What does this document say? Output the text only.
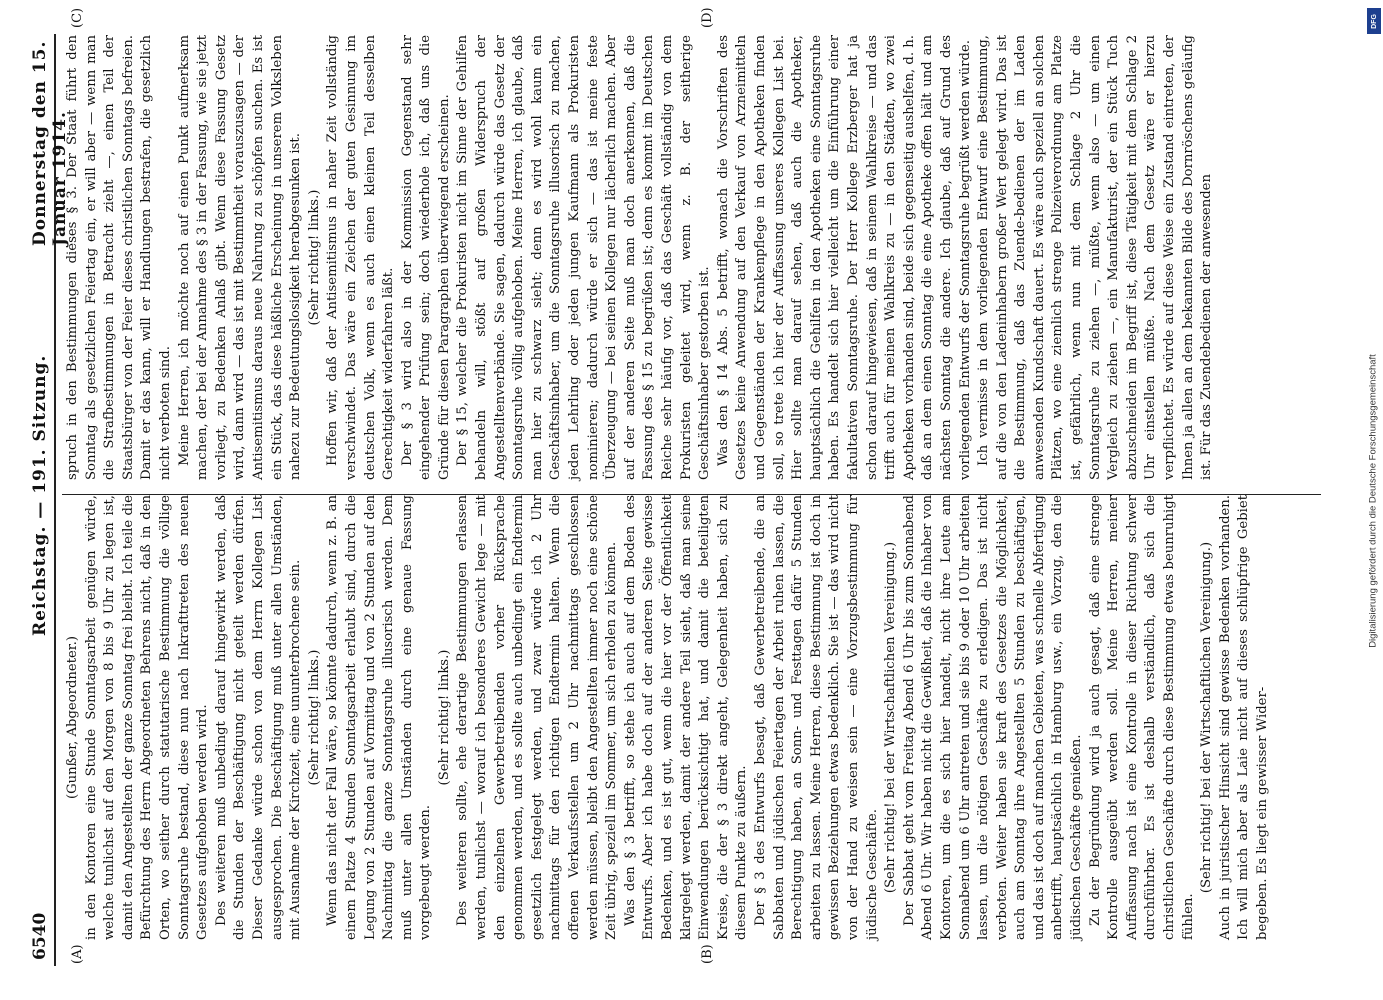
Digitalisierung gefördert durch die Deutsche Forschungsgemeinschaft
DFG
6540
Reichstag. — 191. Sitzung.
Donnerstag den 15. Januar 1914.
(A)	(B)
(C)	(D)

(Gunßer, Abgeordneter.) in den Kontoren eine Stunde Sonntagsarbeit genügen würde, welche tunlichst auf den Morgen von 8 bis 9 Uhr zu legen ist, damit den Angestellten der ganze Sonntag frei bleibt. Ich teile die Befürchtung des Herrn Abgeordneten Behrens nicht, daß in den Orten, wo seither durch statutarische Bestimmung die völlige Sonntagsruhe bestand, diese nun nach Inkrafttreten des neuen Gesetzes aufgehoben werden wird. Des weiteren muß unbedingt darauf hingewirkt werden, daß die Stunden der Beschäftigung nicht geteilt werden dürfen. Dieser Gedanke würde schon von dem Herrn Kollegen List ausgesprochen. Die Beschäftigung muß unter allen Umständen, mit Ausnahme der Kirchzeit, eine ununterbrochene sein. (Sehr richtig! links.) Wenn das nicht der Fall wäre, so könnte dadurch, wenn z. B. an einem Platze 4 Stunden Sonntagsarbeit erlaubt sind, durch die Legung von 2 Stunden auf Vormittag und von 2 Stunden auf den Nachmittag die ganze Sonntagsruhe illusorisch werden. Dem muß unter allen Umständen durch eine genaue Fassung vorgebeugt werden.

(Sehr richtig! links.) Des weiteren sollte, ehe derartige Bestimmungen erlassen werden, tunlichst — worauf ich besonderes Gewicht lege — mit den einzelnen Gewerbetreibenden vorher Rücksprache genommen werden, und es sollte auch unbedingt ein Endtermin gesetzlich festgelegt werden, und zwar würde ich 2 Uhr nachmittags für den richtigen Endtermin halten. Wenn die offenen Verkaufsstellen um 2 Uhr nachmittags geschlossen werden müssen, bleibt den Angestellten immer noch eine schöne Zeit übrig, speziell im Sommer, um sich erholen zu können. Was den § 3 betrifft, so stehe ich auch auf dem Boden des Entwurfs. Aber ich habe doch auf der anderen Seite gewisse Bedenken, und es ist gut, wenn die hier vor der Öffentlichkeit klargelegt werden, damit der andere Teil sieht, daß man seine Einwendungen berücksichtigt hat, und damit die beteiligten Kreise, die der § 3 direkt angeht, Gelegenheit haben, sich zu diesem Punkte zu äußern. Der § 3 des Entwurfs besagt, daß Gewerbetreibende, die an Sabbaten und jüdischen Feiertagen der Arbeit ruhen lassen, die Berechtigung haben, an Sonn- und Festtagen dafür 5 Stunden arbeiten zu lassen. Meine Herren, diese Bestimmung ist doch in gewissen Beziehungen etwas bedenklich. Sie ist — das wird nicht von der Hand zu weisen sein — eine Vorzugsbestimmung für jüdische Geschäfte. (Sehr richtig! bei der Wirtschaftlichen Vereinigung.) Der Sabbat geht vom Freitag Abend 6 Uhr bis zum Sonnabend Abend 6 Uhr. Wir haben nicht die Gewißheit, daß die Inhaber von Kontoren, um die es sich hier handelt, nicht ihre Leute am Sonnabend um 6 Uhr antreten und sie bis 9 oder 10 Uhr arbeiten lassen, um die nötigen Geschäfte zu erledigen. Das ist nicht verboten. Weiter haben sie kraft des Gesetzes die Möglichkeit, auch am Sonntag ihre Angestellten 5 Stunden zu beschäftigen, und das ist doch auf manchen Gebieten, was schnelle Abfertigung anbetrifft, hauptsächlich in Hamburg usw., ein Vorzug, den die jüdischen Geschäfte genießen. Zu der Begründung wird ja auch gesagt, daß eine strenge Kontrolle ausgeübt werden soll. Meine Herren, meiner Auffassung nach ist eine Kontrolle in dieser Richtung schwer durchführbar. Es ist deshalb verständlich, daß sich die christlichen Geschäfte durch diese Bestimmung etwas beunruhigt fühlen.

(Sehr richtig! bei der Wirtschaftlichen Vereinigung.) Auch in juristischer Hinsicht sind gewisse Bedenken vorhanden. Ich will mich aber als Laie nicht auf dieses schlüpfrige Gebiet begeben. Es liegt ein gewisser Wider-

spruch in den Bestimmungen dieses § 3. Der Staat führt den Sonntag als gesetzlichen Feiertag ein, er will aber — wenn man die Strafbestimmungen in Betracht zieht —, einen Teil der Staatsbürger von der Feier dieses christlichen Sonntags befreien. Damit er das kann, will er Handlungen bestrafen, die gesetzlich nicht verboten sind. Meine Herren, ich möchte noch auf einen Punkt aufmerksam machen, der bei der Annahme des § 3 in der Fassung, wie sie jetzt vorliegt, zu Bedenken Anlaß gibt. Wenn diese Fassung Gesetz wird, dann wird — das ist mit Bestimmtheit vorauszusagen — der Antisemitismus daraus neue Nahrung zu schöpfen suchen. Es ist ein Stück, das diese häßliche Erscheinung in unserem Volksleben nahezu zur Bedeutungslosigkeit herabgesunken ist. (Sehr richtig! links.) Hoffen wir, daß der Antisemitismus in naher Zeit vollständig verschwindet. Das wäre ein Zeichen der guten Gesinnung im deutschen Volk, wenn es auch einen kleinen Teil desselben Gerechtigkeit widerfahren läßt. Der § 3 wird also in der Kommission Gegenstand sehr eingehender Prüfung sein; doch wiederhole ich, daß uns die Gründe für diesen Paragraphen überwiegend erscheinen. Der § 15, welcher die Prokuristen nicht im Sinne der Gehilfen behandeln will, stößt auf großen Widerspruch der Angestelltenverbände. Sie sagen, dadurch würde das Gesetz der Sonntagsruhe völlig aufgehoben. Meine Herren, ich glaube, daß man hier zu schwarz sieht; denn es wird wohl kaum ein Geschäftsinhaber, um die Sonntagsruhe illusorisch zu machen, jeden Lehrling oder jeden jungen Kaufmann als Prokuristen nominieren; dadurch würde er sich — das ist meine feste Überzeugung — bei seinen Kollegen nur lächerlich machen. Aber auf der anderen Seite muß man doch anerkennen, daß die Fassung des § 15 zu begrüßen ist; denn es kommt im Deutschen Reiche sehr häufig vor, daß das Geschäft vollständig von dem Prokuristen geleitet wird, wenn z. B. der seitherige Geschäftsinhaber gestorben ist. Was den § 14 Abs. 5 betrifft, wonach die Vorschriften des Gesetzes keine Anwendung auf den Verkauf von Arzneimitteln und Gegenständen der Krankenpflege in den Apotheken finden soll, so trete ich hier der Auffassung unseres Kollegen List bei. Hier sollte man darauf sehen, daß auch die Apotheker, hauptsächlich die Gehilfen in den Apotheken eine Sonntagsruhe haben. Es handelt sich hier vielleicht um die Einführung einer fakultativen Sonntagsruhe. Der Herr Kollege Erzberger hat ja schon darauf hingewiesen, daß in seinem Wahlkreise — und das trifft auch für meinen Wahlkreis zu — in den Städten, wo zwei Apotheken vorhanden sind, beide sich gegenseitig aushelfen, d. h. daß an dem einen Sonntag die eine Apotheke offen hält und am nächsten Sonntag die andere. Ich glaube, daß auf Grund des vorliegenden Entwurfs der Sonntagsruhe begrüßt werden würde. Ich vermisse in dem vorliegenden Entwurf eine Bestimmung, auf die von den Ladeninhabern großer Wert gelegt wird. Das ist die Bestimmung, daß das Zuende-bedienen der im Laden anwesenden Kundschaft dauert. Es wäre auch speziell an solchen Plätzen, wo eine ziemlich strenge Polizeiverordnung am Platze ist, gefährlich, wenn nun mit dem Schlage 2 Uhr die Sonntagsruhe zu ziehen —, müßte, wenn also — um einen Vergleich zu ziehen —, ein Manufakturist, der ein Stück Tuch abzuschneiden im Begriff ist, diese Tätigkeit mit dem Schlage 2 Uhr einstellen müßte. Nach dem Gesetz wäre er hierzu verpflichtet. Es würde auf diese Weise ein Zustand eintreten, der Ihnen ja allen an dem bekannten Bilde des Dornröschens geläufig ist. Für das Zuendebedienen der anwesenden
